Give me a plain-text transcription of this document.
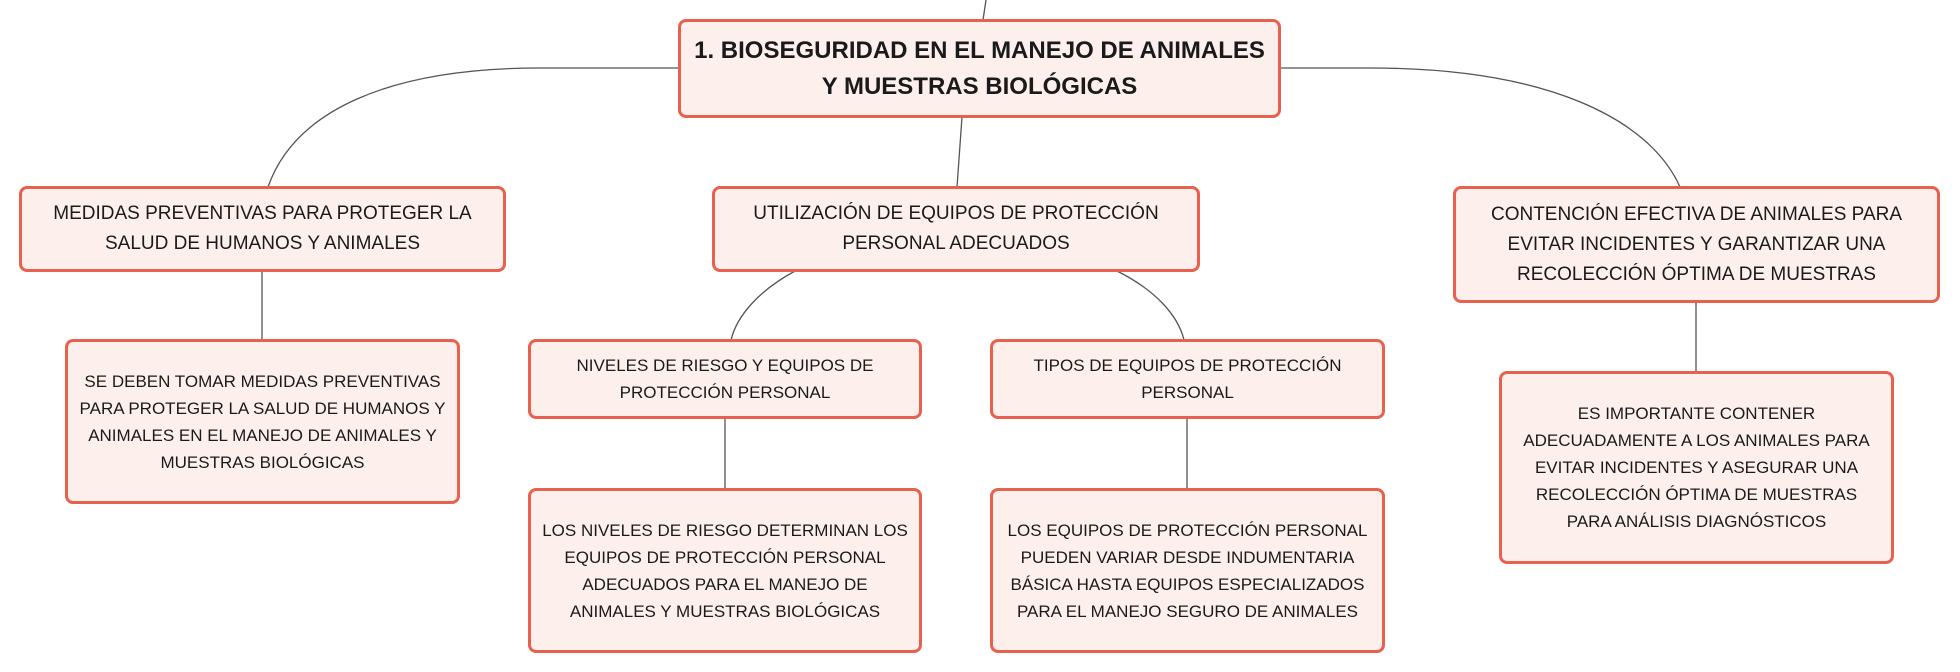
1. BIOSEGURIDAD EN EL MANEJO DE ANIMALES Y MUESTRAS BIOLÓGICAS
MEDIDAS PREVENTIVAS PARA PROTEGER LA SALUD DE HUMANOS Y ANIMALES
UTILIZACIÓN DE EQUIPOS DE PROTECCIÓN PERSONAL ADECUADOS
CONTENCIÓN EFECTIVA DE ANIMALES PARA EVITAR INCIDENTES Y GARANTIZAR UNA RECOLECCIÓN ÓPTIMA DE MUESTRAS
SE DEBEN TOMAR MEDIDAS PREVENTIVAS PARA PROTEGER LA SALUD DE HUMANOS Y ANIMALES EN EL MANEJO DE ANIMALES Y MUESTRAS BIOLÓGICAS
NIVELES DE RIESGO Y EQUIPOS DE PROTECCIÓN PERSONAL
TIPOS DE EQUIPOS DE PROTECCIÓN PERSONAL
LOS NIVELES DE RIESGO DETERMINAN LOS EQUIPOS DE PROTECCIÓN PERSONAL ADECUADOS PARA EL MANEJO DE ANIMALES Y MUESTRAS BIOLÓGICAS
LOS EQUIPOS DE PROTECCIÓN PERSONAL PUEDEN VARIAR DESDE INDUMENTARIA BÁSICA HASTA EQUIPOS ESPECIALIZADOS PARA EL MANEJO SEGURO DE ANIMALES
ES IMPORTANTE CONTENER ADECUADAMENTE A LOS ANIMALES PARA EVITAR INCIDENTES Y ASEGURAR UNA RECOLECCIÓN ÓPTIMA DE MUESTRAS PARA ANÁLISIS DIAGNÓSTICOS
